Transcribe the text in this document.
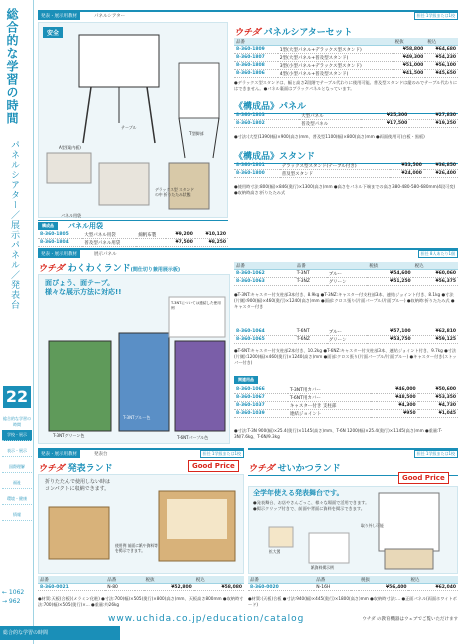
総合的な学習の時間
パネルシアター／展示パネル／発表台
22
総合的な学習の時間
学校・展示
表示・展示
国際理解
福祉
環境・健康
情報
← 1062
→ 962
発表・展示用教材	パネルシアター	担任 1学級または1校
安全
テーブル
T型脚部
A型(案内板)
デラックス型 スタンドの中 折りたたみ状態
パネル用袋
ウチダ パネルシアターセット
品番		税抜	税込
8-360-1809	1型(大型パネル+デラックス型スタンド)	¥58,800	¥64,680
8-360-1807	2型(大型パネル+普及型スタンド)	¥49,300	¥54,230
8-360-1808	3型(小型パネル+デラックス型スタンド)	¥51,000	¥56,100
8-360-1806	4型(小型パネル+普及型スタンド)	¥41,500	¥45,650
●デラックス型スタンドは、幅と高さ2段階でテーブル代わりに使用可能。普及型スタンドは縦のみでテーブル代わりにはできません。●パネル裏面はブラックパネルとなっています。
《構成品》パネル
8-360-1803	大型パネル	¥25,300	¥27,830
8-360-1802	普及型パネル	¥17,500	¥19,250
●寸法:(大型)1390(幅)×900(高さ)mm、普及型1100(幅)×800(高さ)mm ●両面使用可(白板・黒板)
《構成品》スタンド
8-360-1801	デラックス型スタンド(テーブル付き)	¥33,500	¥36,850
8-360-1800	普及型スタンド	¥24,000	¥26,400
●使用時寸法:800(幅)×846(奥行)×1300(高さ)mm ●高さをパネル下端までの高さ380-480-580-680mm(4段可変) ●収納時高さ:折りたたみ式
構成品	パネル用袋
8-360-1805	大型パネル用袋	綿帆布製	¥9,200	¥10,120
8-360-1804	普及型パネル用袋		¥7,500	¥8,250
発表・展示用教材	展示パネル	担任 8人あたり1個
ウチダ わくわくランド(間仕切り兼用展示板)
面ぴょう、面テープ。
様々な展示方法に対応!!
T-3NTグリーン色
T-3NTブルー色
T-6NTパープル色
T-3NTについては連結した使用例
品番	品番		税抜	税込
8-360-1062	T-3NT	ブルー	¥54,600	¥60,060
8-360-1063	T-3NZ	グリーン	¥51,250	¥56,375
●T-3NT:キャスター付支柱部3本付き、8.9kg ●T-3NZ:キャスター付支柱部3本、連結ジョイント付き、8.1kg ●寸法(片側):900(幅)×460(奥行)×1240(高さ)mm ●面部:クロス張り(片面パープル/片面ブルー) ●収納時:折りたたみ式 ●キャスター付き
8-360-1064	T-6NT	ブルー	¥57,100	¥62,810
8-360-1065	T-6NZ	グリーン	¥53,750	¥59,125
●T-6NT:キャスター付支柱部2本付き、10.2kg ●T-6NZ:キャスター付支柱部3本、連結ジョイント付き、9.7kg ●寸法(片側):1200(幅)×460(奥行)×1240(高さ)mm ●面部:クロス張り(片面パープル/片面ブルー) ●キャスター付き(ストッパー付き)
関連用品
8-360-1066	T-3NT用カバー		¥46,000	¥50,600
8-360-1067	T-6NT用カバー		¥48,500	¥53,350
8-360-1037	キャスター付き 支柱部		¥4,300	¥4,730
8-360-1039	連結ジョイント		¥950	¥1,045
●寸法:T-3N 900(幅)×25.4(奥行)×1145(高さ)mm、T-6N 1200(幅)×25.4(奥行)×1145(高さ)mm ●重量:T-3N/7.6kg、T-6N/9.3kg
発表・展示用教材	発表台	担任 1学級または1校
ウチダ 発表ランド	Good Price
折りたたんで使用しない時は
コンパクトに収納できます。
使用例 前面に紙や資料等を掲示できます。
品番	品番		税抜	税込
8-360-0021	N-80		¥52,800	¥58,080
●材質:天板(合板)(メラミン化粧) ●寸法:700(幅)×505(奥行)×800(高さ)mm、天板高さ800mm ●収納時寸法:700(幅)×505(奥行)×... ●重量:約26kg
担任 1学級または1校
ウチダ せいかつランド
Good Price
全学年使える発表舞台です。
●発表舞台、お店やさんごっこ、様々な場面で活用できます。
●掲示クリップ付きで、前面や背面に資料を掲示できます。
取り外し可能
拡大図
紙資料掲示例
品番	品番		税抜	税込
8-360-0020	N-16H		¥56,400	¥62,040
●材質:(天板)合板 ●寸法:940(幅)×445(奥行)×1800(高さ)mm ●収納時寸法:... ●正面パネル(両面ホワイトボード)
www.uchida.co.jp/education/catalog	ウチダ の教育機器はウェブでご覧いただけます
総合的な学習の時間
